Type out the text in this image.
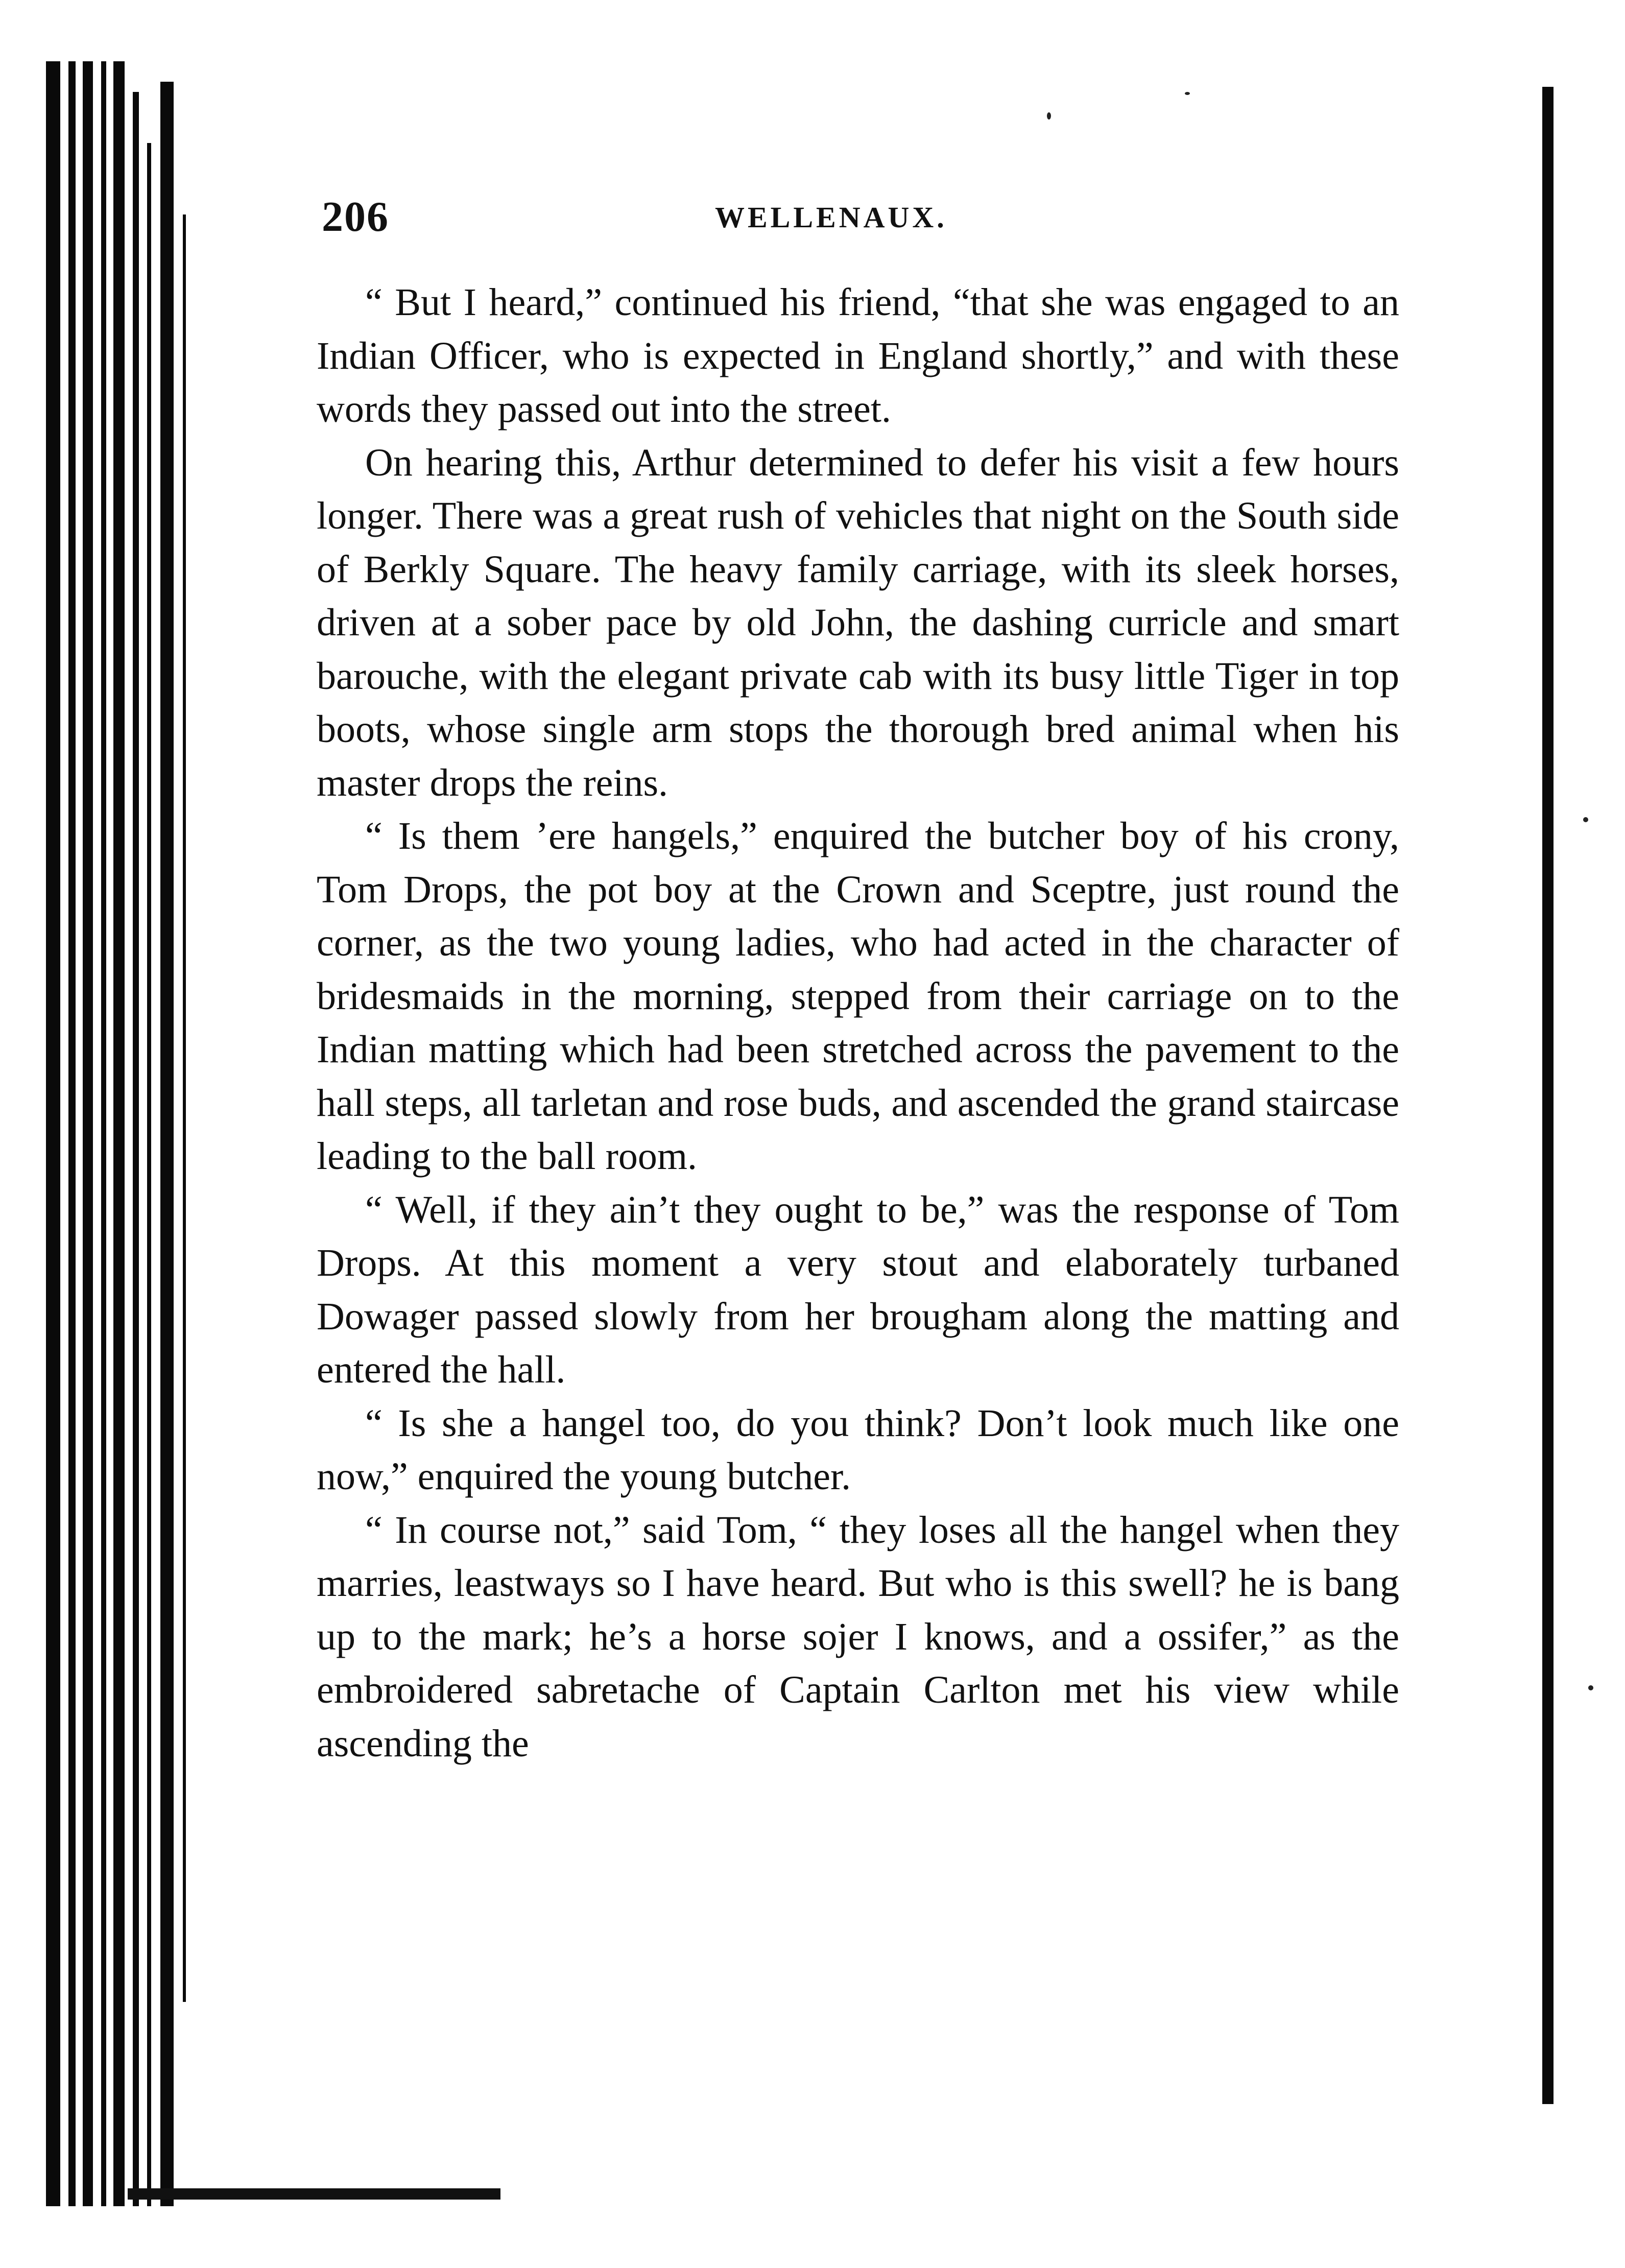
206	WELLENAUX.

“ But I heard,” continued his friend, “that she was engaged to an Indian Officer, who is expected in England shortly,” and with these words they passed out into the street.

On hearing this, Arthur determined to defer his visit a few hours longer. There was a great rush of vehicles that night on the South side of Berkly Square. The heavy family carriage, with its sleek horses, driven at a sober pace by old John, the dashing curricle and smart barouche, with the elegant private cab with its busy little Tiger in top boots, whose single arm stops the thorough bred animal when his master drops the reins.

“ Is them ’ere hangels,” enquired the butcher boy of his crony, Tom Drops, the pot boy at the Crown and Sceptre, just round the corner, as the two young ladies, who had acted in the character of bridesmaids in the morning, stepped from their carriage on to the Indian matting which had been stretched across the pavement to the hall steps, all tarletan and rose buds, and ascended the grand staircase leading to the ball room.

“ Well, if they ain’t they ought to be,” was the response of Tom Drops. At this moment a very stout and elaborately turbaned Dowager passed slowly from her brougham along the matting and entered the hall.

“ Is she a hangel too, do you think? Don’t look much like one now,” enquired the young butcher.

“ In course not,” said Tom, “ they loses all the hangel when they marries, leastways so I have heard. But who is this swell? he is bang up to the mark; he’s a horse sojer I knows, and a ossifer,” as the embroidered sabretache of Captain Carlton met his view while ascending the
